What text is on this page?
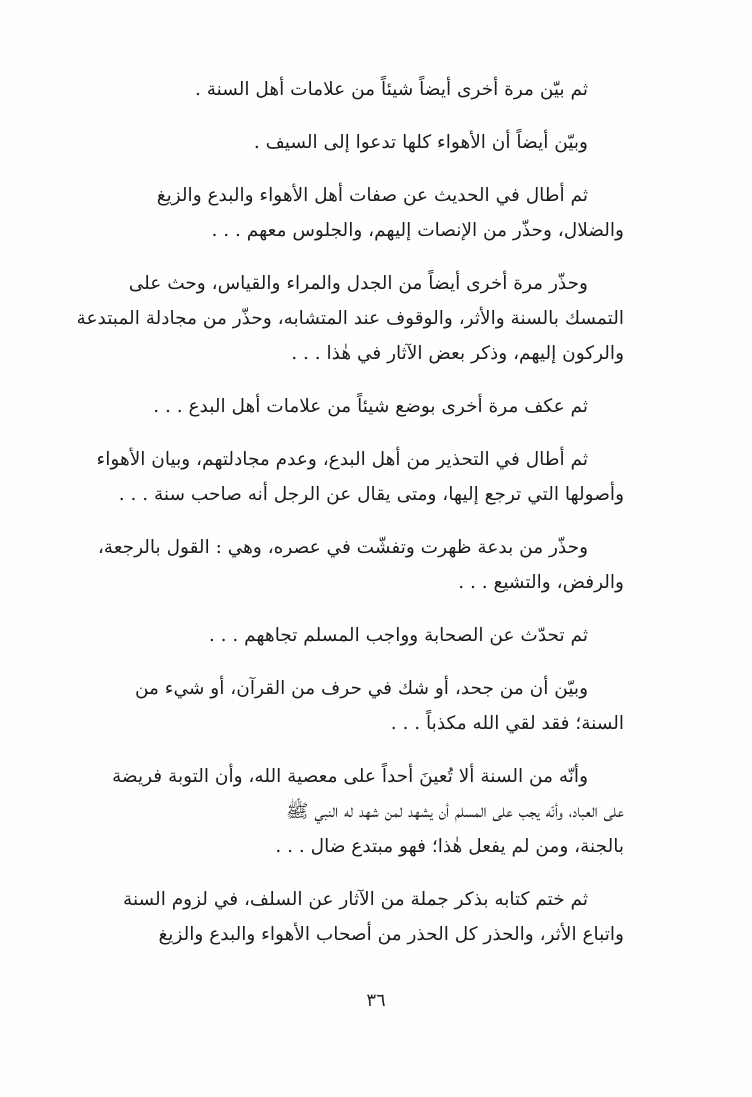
ثم بيّن مرة أخرى أيضاً شيئاً من علامات أهل السنة .

وبيّن أيضاً أن الأهواء كلها تدعوا إلى السيف .

ثم أطال في الحديث عن صفات أهل الأهواء والبدع والزيغ
والضلال، وحذّر من الإنصات إليهم، والجلوس معهم . . .

وحذّر مرة أخرى أيضاً من الجدل والمراء والقياس، وحث على
التمسك بالسنة والأثر، والوقوف عند المتشابه، وحذّر من مجادلة المبتدعة
والركون إليهم، وذكر بعض الآثار في هٰذا . . .

ثم عكف مرة أخرى بوضع شيئاً من علامات أهل البدع . . .

ثم أطال في التحذير من أهل البدع، وعدم مجادلتهم، وبيان الأهواء
وأصولها التي ترجع إليها، ومتى يقال عن الرجل أنه صاحب سنة . . .

وحذّر من بدعة ظهرت وتفشّت في عصره، وهي : القول بالرجعة،
والرفض، والتشيع . . .

ثم تحدّث عن الصحابة وواجب المسلم تجاههم . . .

وبيّن أن من جحد، أو شك في حرف من القرآن، أو شيء من
السنة؛ فقد لقي الله مكذباً . . .

وأنّه من السنة ألا تُعينَ أحداً على معصية الله، وأن التوبة فريضة
على العباد، وأنّه يجب على المسلم أن يشهد لمن شهد له النبي ﷺ
بالجنة، ومن لم يفعل هٰذا؛ فهو مبتدع ضال . . .

ثم ختم كتابه بذكر جملة من الآثار عن السلف، في لزوم السنة
واتباع الأثر، والحذر كل الحذر من أصحاب الأهواء والبدع والزيغ

٣٦
